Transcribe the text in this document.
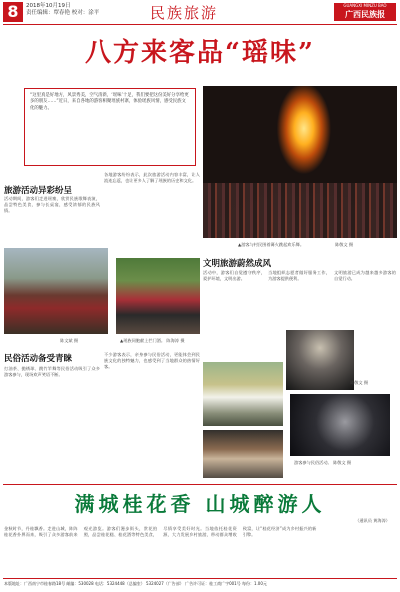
8	2018年10月19日
责任编辑：覃春艳 校对：涂平	民族旅游	GUANGXI MINZU BAO
广西民族报
八方来客品“瑶味”
“这里真是好地方，风景秀美，空气清新，‘瑶味’十足，我们要把这份美好分享给更多的朋友……”近日，来自各地的游客相聚瑶族村寨，体验瑶族风情，感受民族文化的魅力。
▲游客与村民围着篝火跳起欢乐舞。	陈敬文 摄
旅游活动异彩纷呈
活动期间，游客们走进瑶寨，欣赏民族歌舞表演，品尝特色美食，参与长桌宴，感受浓郁的民族风情。
各地游客纷纷表示，此次旅游活动内容丰富，让人流连忘返，也让更多人了解了瑶族的历史和文化。
陈文斌 摄	▲瑶族同胞献上拦门酒。 陈海涛 摄
民俗活动备受青睐
打油茶、抛绣球、跳竹竿舞等民俗活动吸引了众多游客参与，现场欢声笑语不断。
不少游客表示，亲身参与民俗活动，更能体会到民族文化的独特魅力，也感受到了当地群众的热情好客。
文明旅游蔚然成风
活动中，游客们自觉遵守秩序，爱护环境，文明出游。
当地组织志愿者做好服务工作，为游客提供便利。
文明旅游已成为越来越多游客的自觉行动。
陈敬文 摄
游客参与民俗活动。 陈敬文 摄
满城桂花香 山城醉游人
（通讯员 黄海涛）
金秋时节，丹桂飘香。走进山城，阵阵桂花香扑鼻而来，吸引了众多游客前来观光游览。游客们漫步街头，赏花拍照，品尝桂花糕、桂花酒等特色美食，尽情享受美好时光。当地依托桂花资源，大力发展乡村旅游，带动群众增收致富，让“桂花经济”成为乡村振兴的新引擎。
本版地址：广西南宁市桂春路18号 邮编：530028 电话：5324448（总编室） 5324027（广告部） 广告许可证：桂工商广字001号 每份：1.00元
